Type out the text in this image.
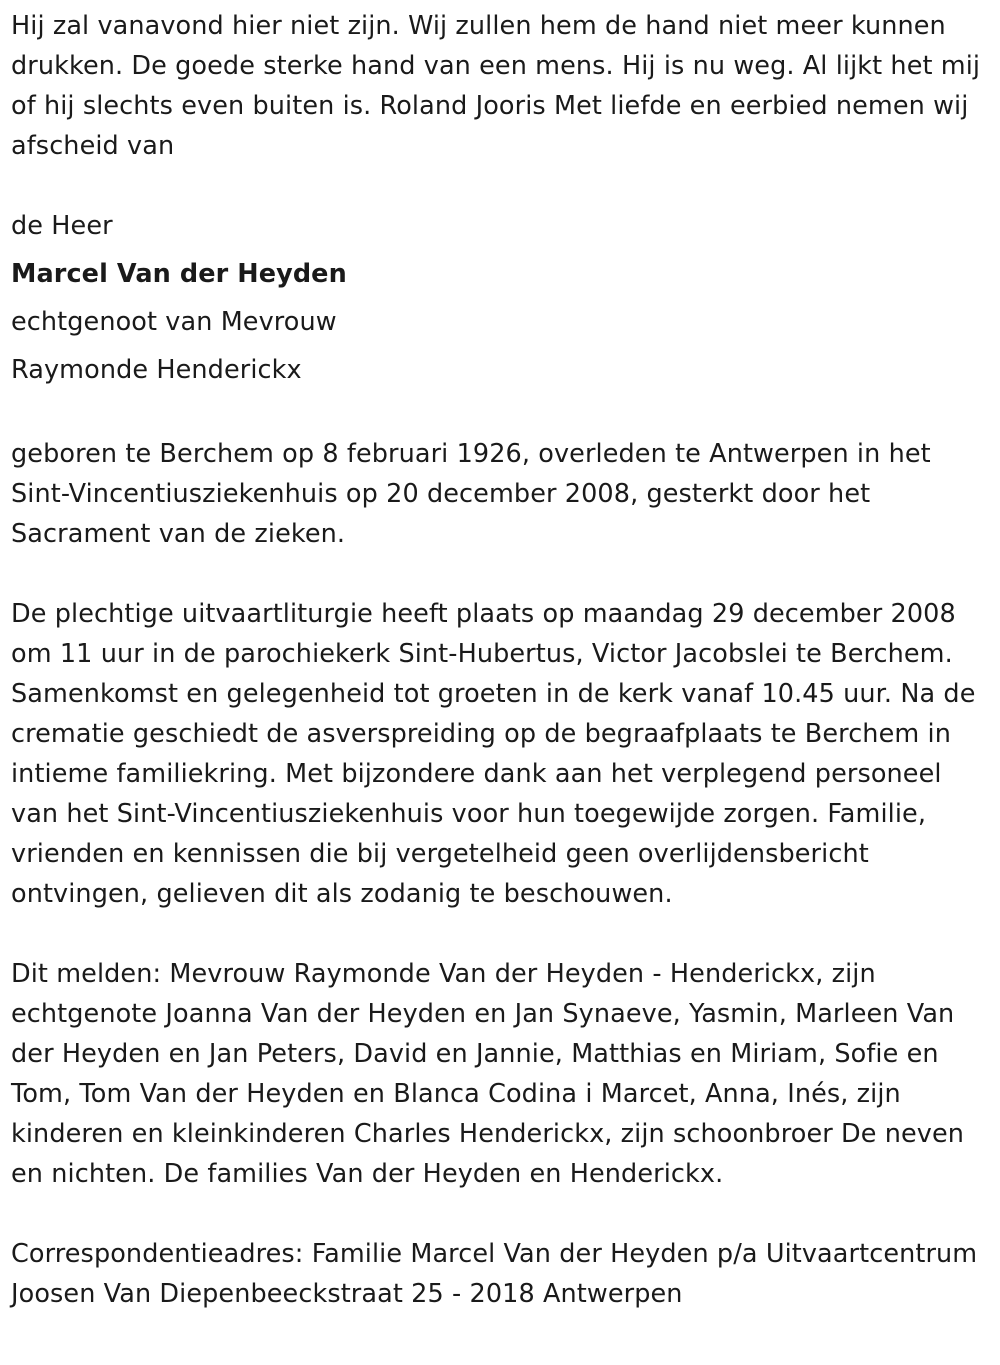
Hij zal vanavond hier niet zijn. Wij zullen hem de hand niet meer kunnen drukken. De goede sterke hand van een mens. Hij is nu weg. Al lijkt het mij of hij slechts even buiten is. Roland Jooris Met liefde en eerbied nemen wij afscheid van

de Heer

Marcel Van der Heyden

echtgenoot van Mevrouw

Raymonde Henderickx

geboren te Berchem op 8 februari 1926, overleden te Antwerpen in het Sint-Vincentiusziekenhuis op 20 december 2008, gesterkt door het Sacrament van de zieken.

De plechtige uitvaartliturgie heeft plaats op maandag 29 december 2008 om 11 uur in de parochiekerk Sint-Hubertus, Victor Jacobslei te Berchem. Samenkomst en gelegenheid tot groeten in de kerk vanaf 10.45 uur. Na de crematie geschiedt de asverspreiding op de begraafplaats te Berchem in intieme familiekring. Met bijzondere dank aan het verplegend personeel van het Sint-Vincentiusziekenhuis voor hun toegewijde zorgen. Familie, vrienden en kennissen die bij vergetelheid geen overlijdensbericht ontvingen, gelieven dit als zodanig te beschouwen.

Dit melden: Mevrouw Raymonde Van der Heyden - Henderickx, zijn echtgenote Joanna Van der Heyden en Jan Synaeve, Yasmin, Marleen Van der Heyden en Jan Peters, David en Jannie, Matthias en Miriam, Sofie en Tom, Tom Van der Heyden en Blanca Codina i Marcet, Anna, Inés, zijn kinderen en kleinkinderen Charles Henderickx, zijn schoonbroer De neven en nichten. De families Van der Heyden en Henderickx.

Correspondentieadres: Familie Marcel Van der Heyden p/a Uitvaartcentrum Joosen Van Diepenbeeckstraat 25 - 2018 Antwerpen
